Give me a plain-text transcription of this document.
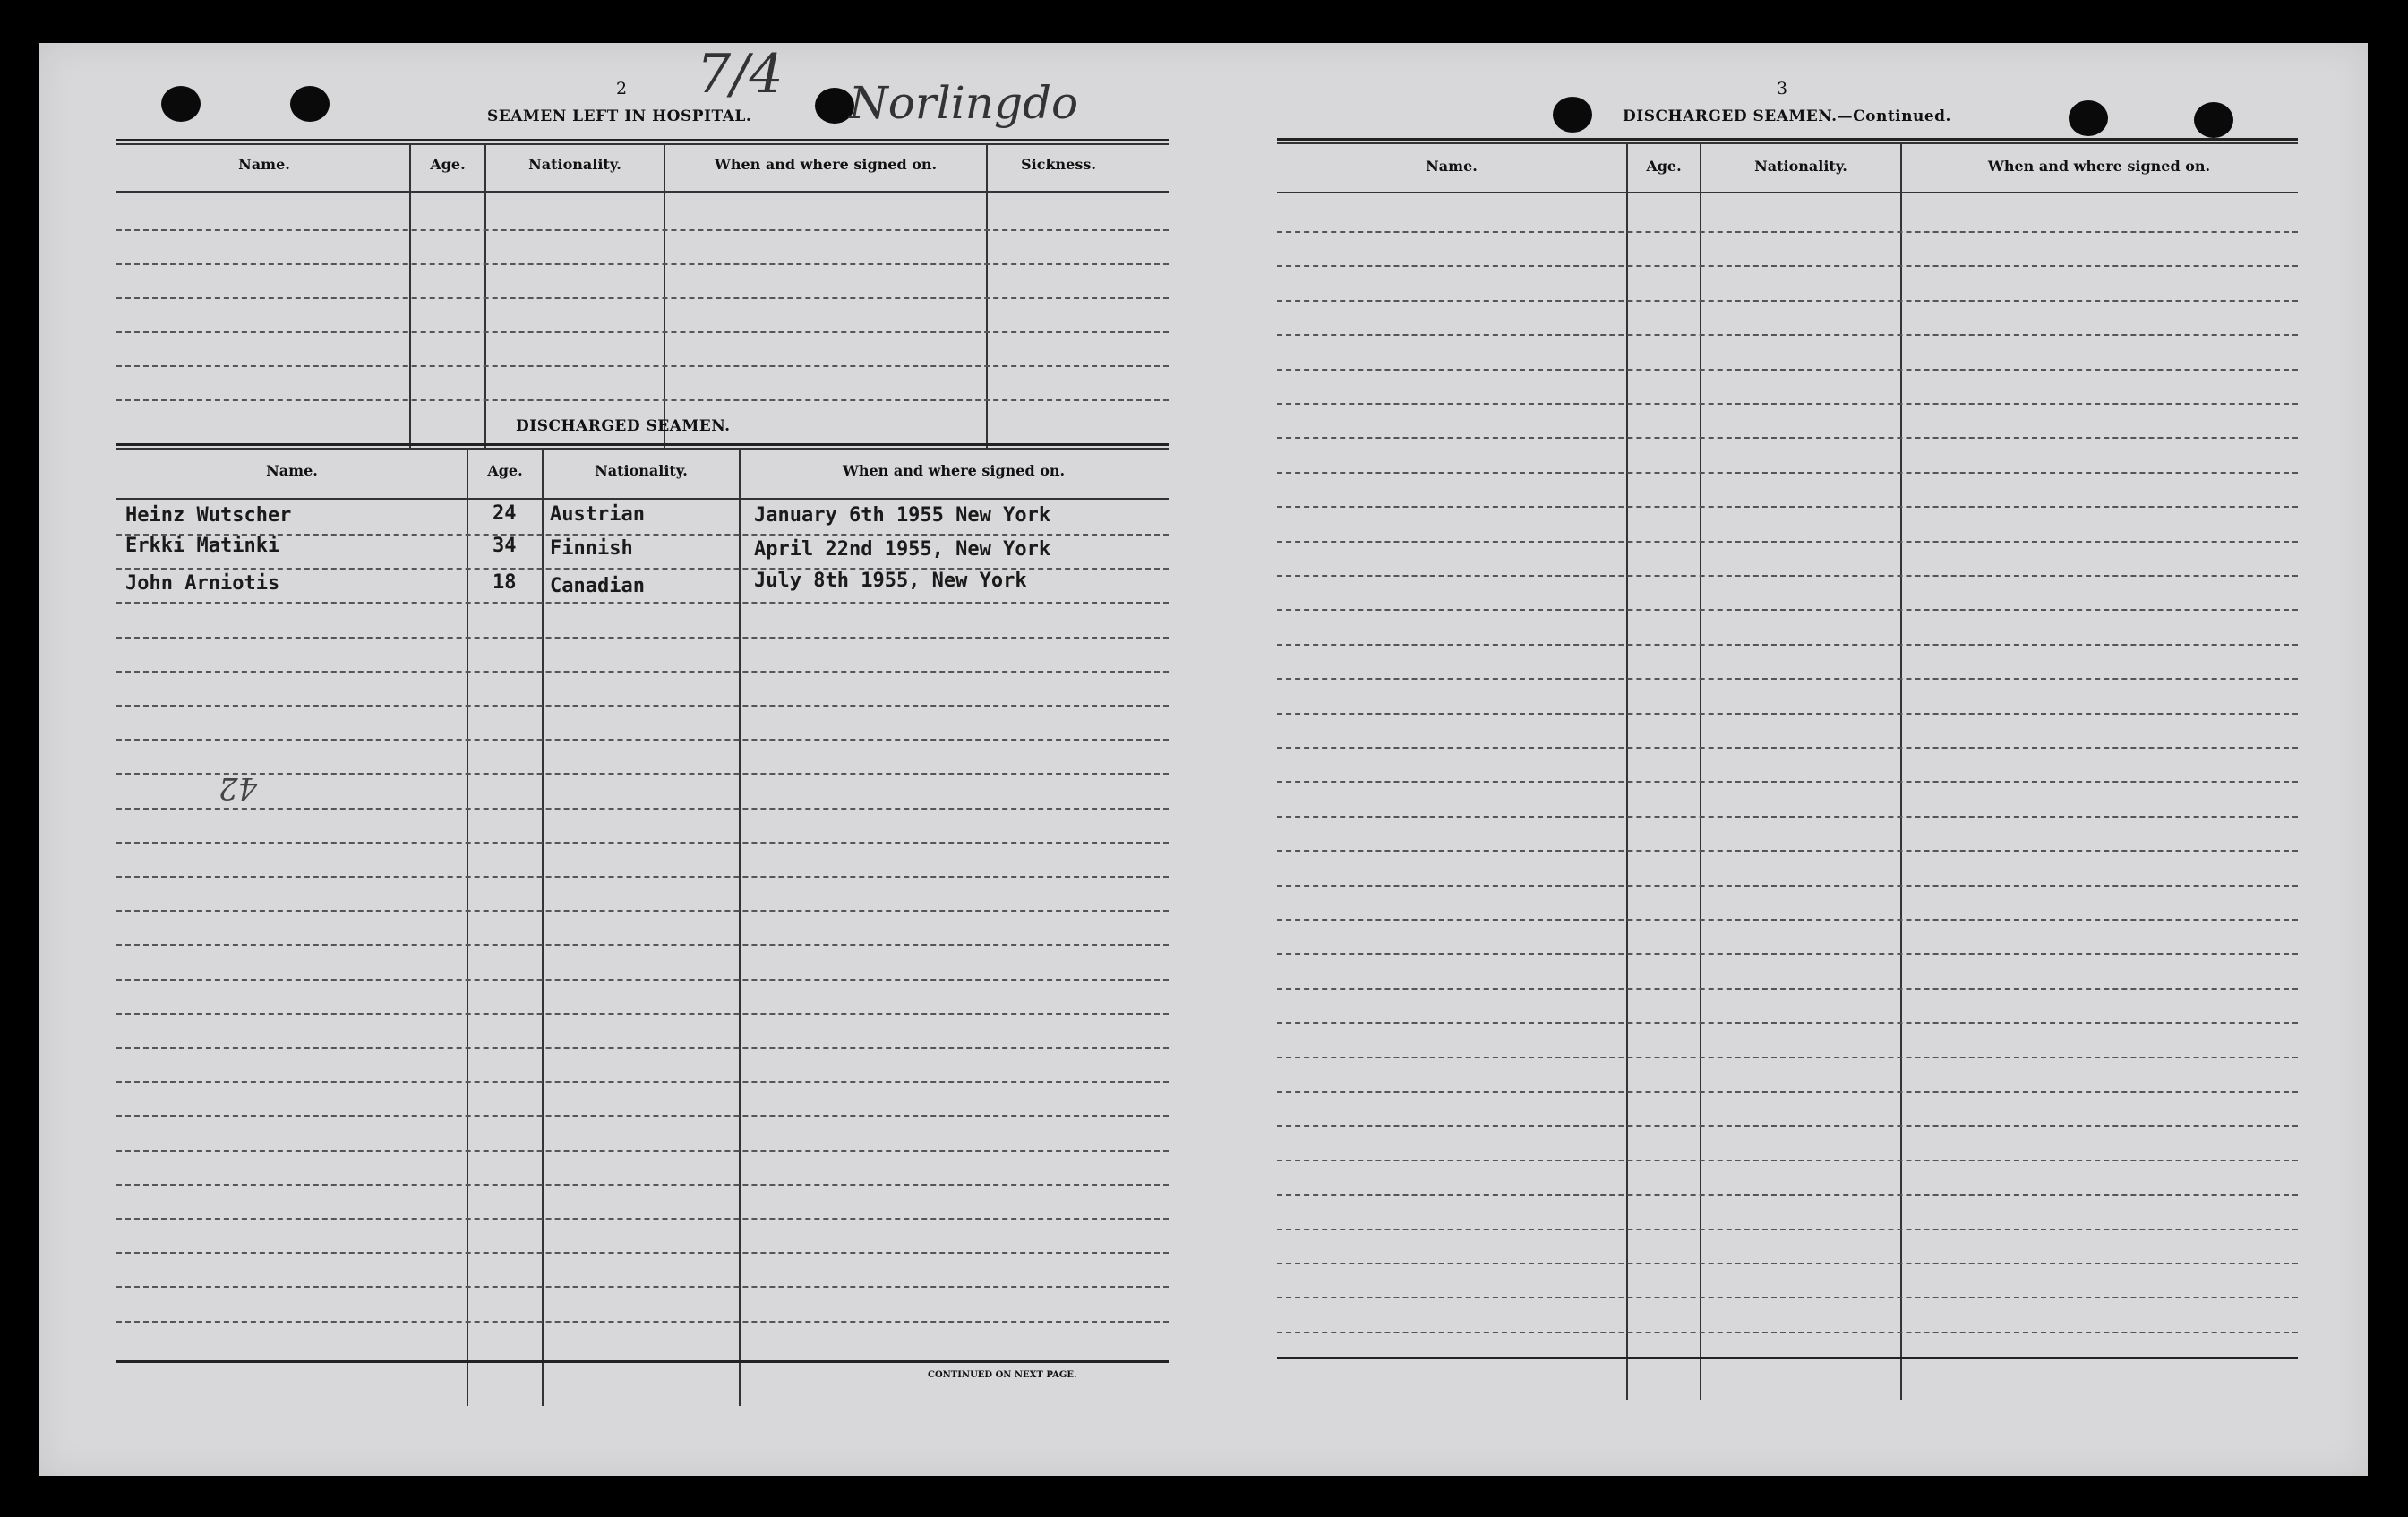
2
SEAMEN LEFT IN HOSPITAL.
7/4 Norlingdo
42
Name.	Age.	Nationality.	When and where signed on.	Sickness.
DISCHARGED SEAMEN.
Name.	Age.	Nationality.	When and where signed on.
Heinz Wutscher	24 Austrian	January 6th 1955 New York
Erkki Matinki	34 Finnish	April 22nd 1955, New York
John Arniotis	18 Canadian	July 8th 1955, New York
CONTINUED ON NEXT PAGE.
3
DISCHARGED SEAMEN.—Continued.
Name.	Age.	Nationality.	When and where signed on.
